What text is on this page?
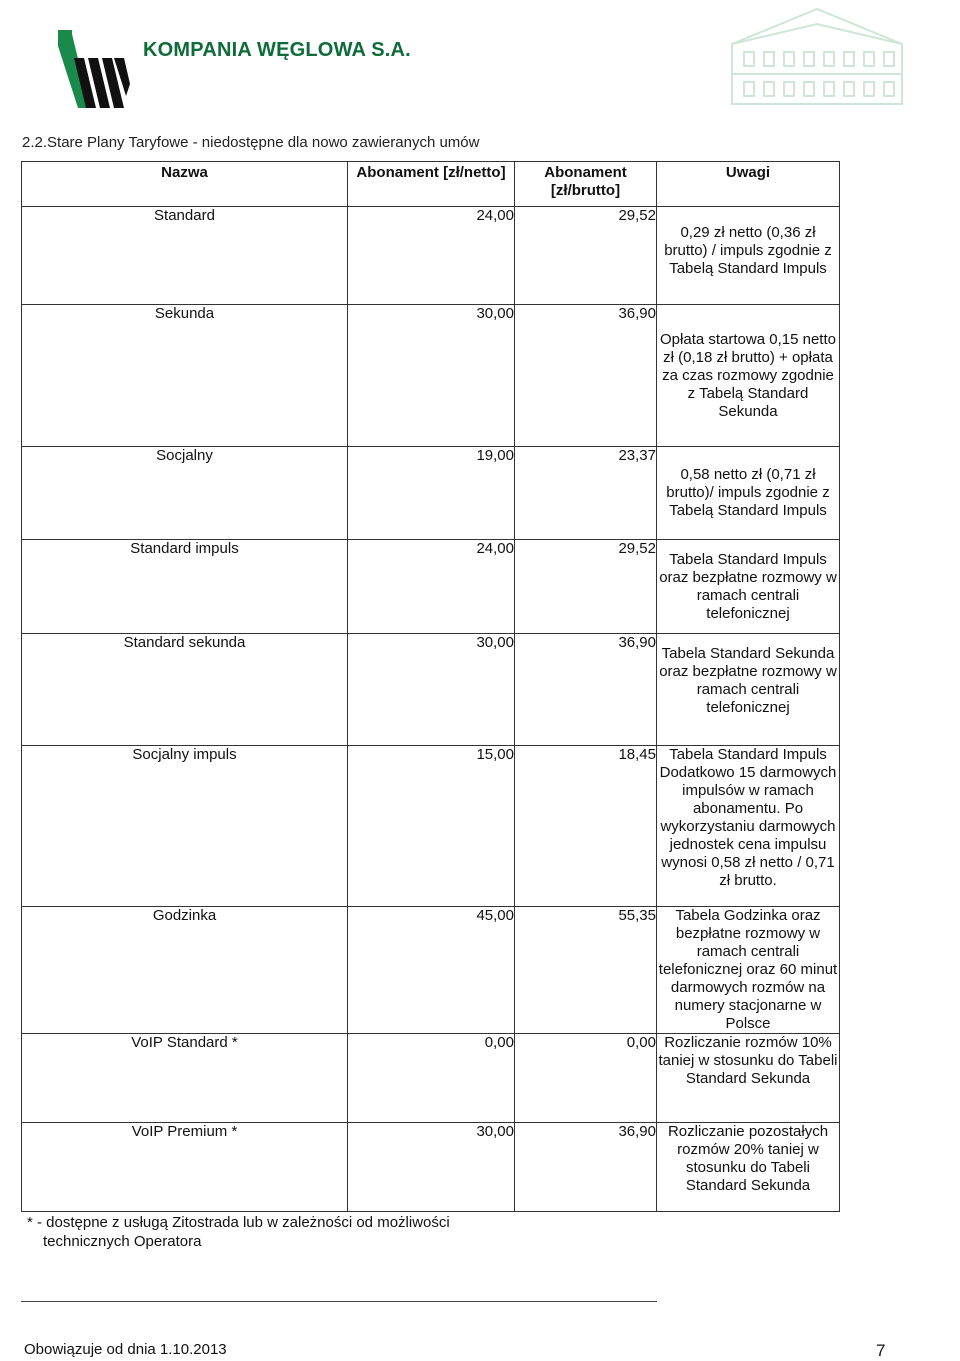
KOMPANIA WĘGLOWA S.A.
2.2.Stare Plany Taryfowe - niedostępne dla nowo zawieranych umów
Nazwa	Abonament [zł/netto]	Abonament [zł/brutto]	Uwagi
Standard	24,00	29,52	0,29 zł netto (0,36 zł brutto) / impuls zgodnie z Tabelą Standard Impuls
Sekunda	30,00	36,90	Opłata startowa 0,15 netto zł (0,18 zł brutto) + opłata za czas rozmowy zgodnie z Tabelą Standard Sekunda
Socjalny	19,00	23,37	0,58 netto zł (0,71 zł brutto)/ impuls zgodnie z Tabelą Standard Impuls
Standard impuls	24,00	29,52	Tabela Standard Impuls oraz bezpłatne rozmowy w ramach centrali telefonicznej
Standard sekunda	30,00	36,90	Tabela Standard Sekunda oraz bezpłatne rozmowy w ramach centrali telefonicznej
Socjalny impuls	15,00	18,45	Tabela Standard Impuls Dodatkowo 15 darmowych impulsów w ramach abonamentu. Po wykorzystaniu darmowych jednostek cena impulsu wynosi 0,58 zł netto / 0,71 zł brutto.
Godzinka	45,00	55,35	Tabela Godzinka oraz bezpłatne rozmowy w ramach centrali telefonicznej oraz 60 minut darmowych rozmów na numery stacjonarne w Polsce
VoIP Standard *	0,00	0,00	Rozliczanie rozmów 10% taniej w stosunku do Tabeli Standard Sekunda
VoIP Premium *	30,00	36,90	Rozliczanie pozostałych rozmów 20% taniej w stosunku do Tabeli Standard Sekunda
* - dostępne z usługą Zitostrada lub w zależności od możliwości
technicznych Operatora
Obowiązuje od dnia 1.10.2013	7
